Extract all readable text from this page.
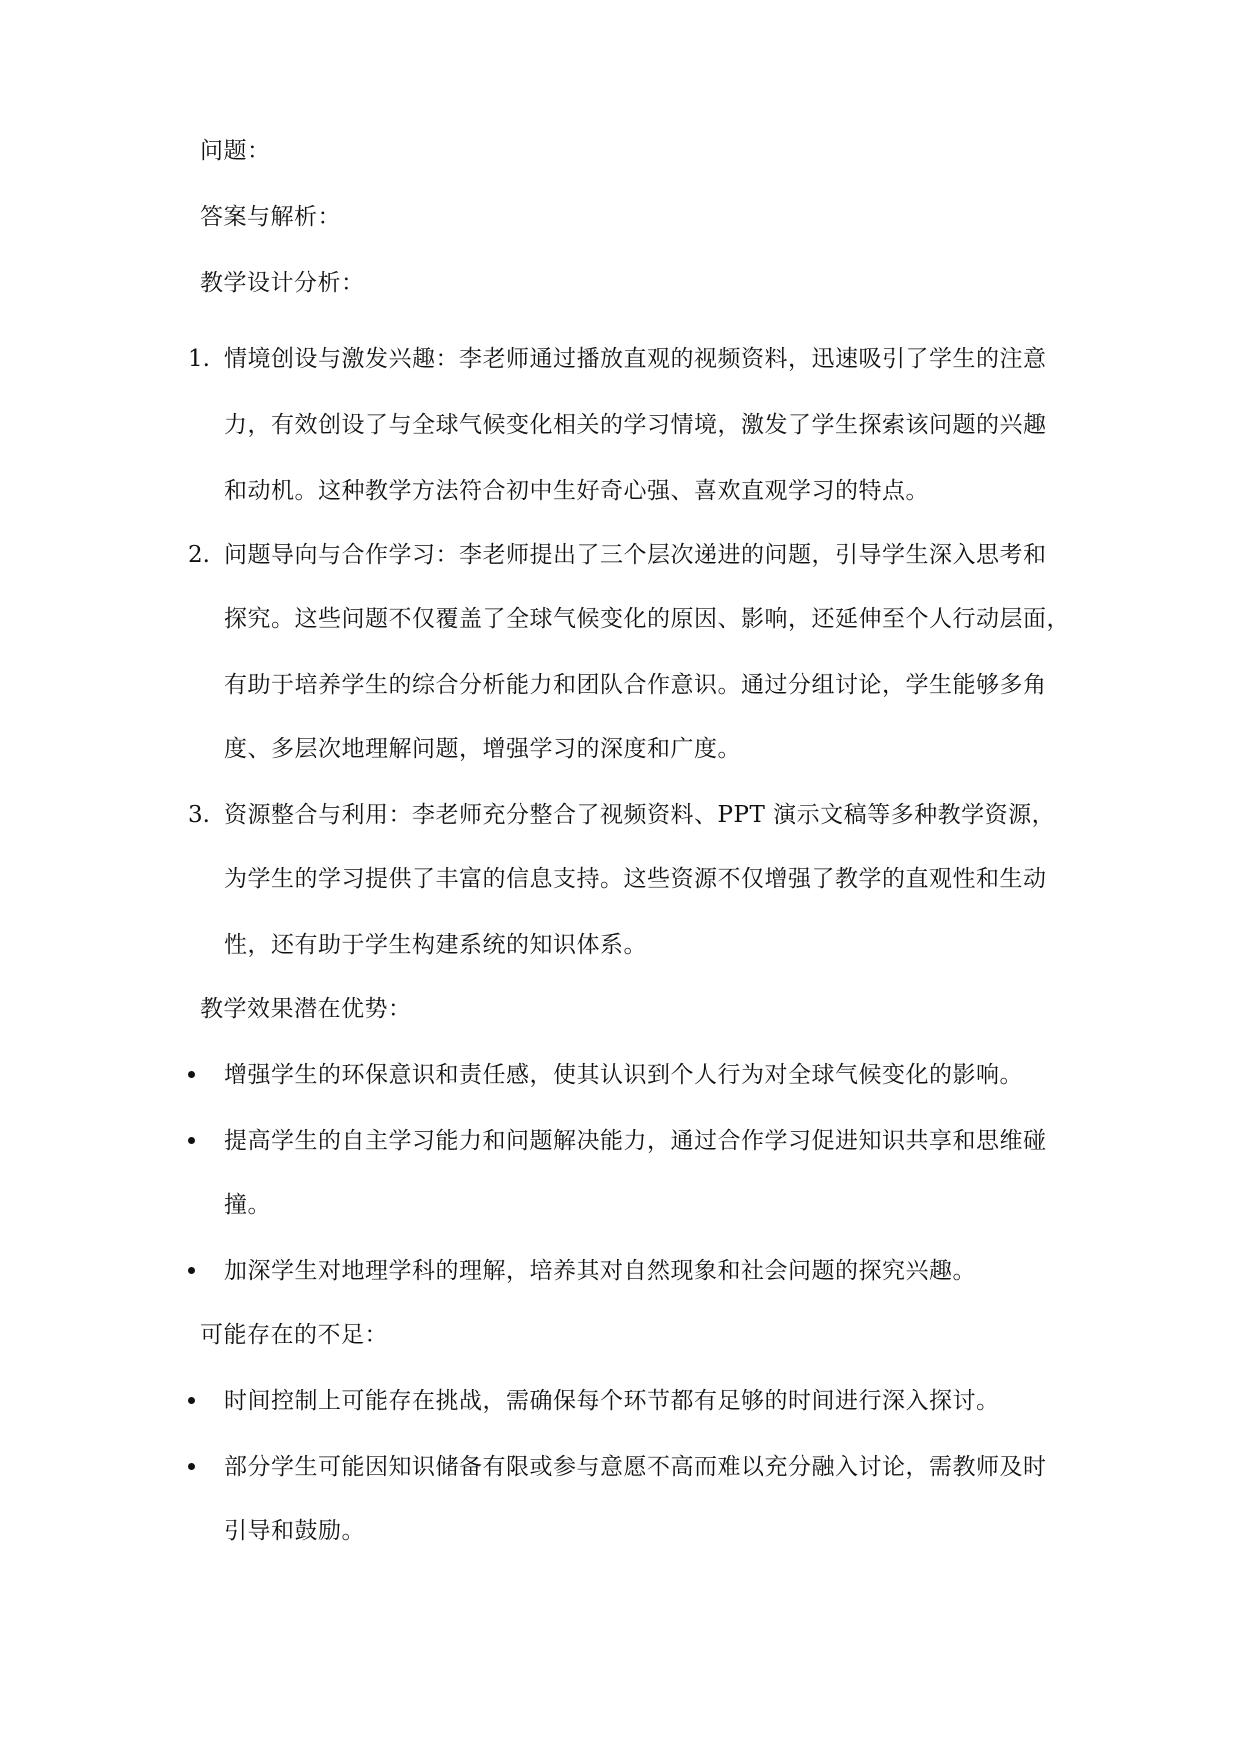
问题：
答案与解析：
教学设计分析：
1. 情境创设与激发兴趣：李老师通过播放直观的视频资料，迅速吸引了学生的注意
力，有效创设了与全球气候变化相关的学习情境，激发了学生探索该问题的兴趣
和动机。这种教学方法符合初中生好奇心强、喜欢直观学习的特点。
2. 问题导向与合作学习：李老师提出了三个层次递进的问题，引导学生深入思考和
探究。这些问题不仅覆盖了全球气候变化的原因、影响，还延伸至个人行动层面，
有助于培养学生的综合分析能力和团队合作意识。通过分组讨论，学生能够多角
度、多层次地理解问题，增强学习的深度和广度。
3. 资源整合与利用：李老师充分整合了视频资料、PPT 演示文稿等多种教学资源，
为学生的学习提供了丰富的信息支持。这些资源不仅增强了教学的直观性和生动
性，还有助于学生构建系统的知识体系。
教学效果潜在优势：
增强学生的环保意识和责任感，使其认识到个人行为对全球气候变化的影响。
提高学生的自主学习能力和问题解决能力，通过合作学习促进知识共享和思维碰
撞。
加深学生对地理学科的理解，培养其对自然现象和社会问题的探究兴趣。
可能存在的不足：
时间控制上可能存在挑战，需确保每个环节都有足够的时间进行深入探讨。
部分学生可能因知识储备有限或参与意愿不高而难以充分融入讨论，需教师及时
引导和鼓励。
